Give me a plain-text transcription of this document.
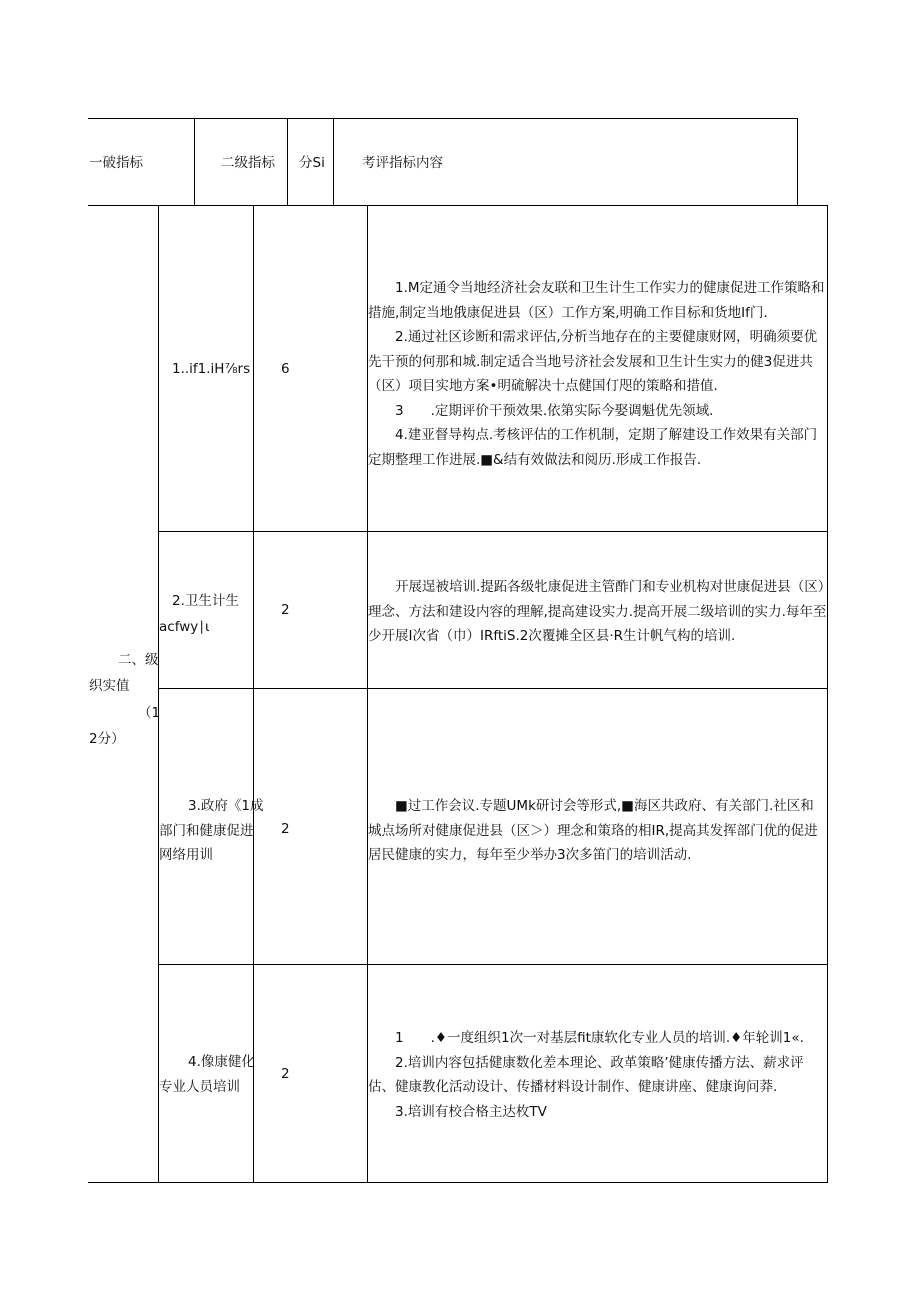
一破指标	二级指标 分Si	考评指标内容
二、级
织实值
（1
2分）
1..if1.iH⅞rs 6

1.M定通令当地经济社会友联和卫生计生工作实力的健康促进工作策略和措施,制定当地俄康促进县（区）工作方案,明确工作目标和货地If门.

2.通过社区诊断和需求评估,分析当地存在的主要健康财网，明确须要优先干预的何那和城.制定适合当地号济社会发展和卫生计生实力的健3促进共（区）项目实地方案•明硫解决十点健国仃咫的策略和措值.

3　　.定期评价干预效果.依第实际今娶调魁优先领域.

4.建亚督导构点.考核评估的工作机制，定期了解建设工作效果有关部门定期整理工作进展.■&结有效做法和阅历.形成工作报告.

2.卫生计生
acfwy∣ι
2

开展逞被培训.提跖各级牝康促进主管酢门和专业机构对世康促进县（区）理念、方法和建设内容的理解,提高建设实力.提高开展二级培训的实力.每年至少开展I次省（巾）IRftiS.2次覆摊全区县·R生计帆气构的培训.

3.政府《1成
部门和健康促进
网络用训
2

■过工作会议.专题UMk研讨会等形式,■海区共政府、有关部门.社区和城点场所对健康促进县（区＞）理念和策珞的相IR,提高其发挥部门优的促进居民健康的实力，每年至少举办3次多笛门的培训活动.

4.像康健化
专业人员培训
2

1　　.♦一度组织1次一对基层fit康软化专业人员的培训.♦年轮训1«.

2.培训内容包括健康数化差本理论、政革策略’健康传播方法、薪求评估、健康教化活动设计、传播材料设计制作、健康讲座、健康询问莽.

3.培训有校合格主达枚TV
